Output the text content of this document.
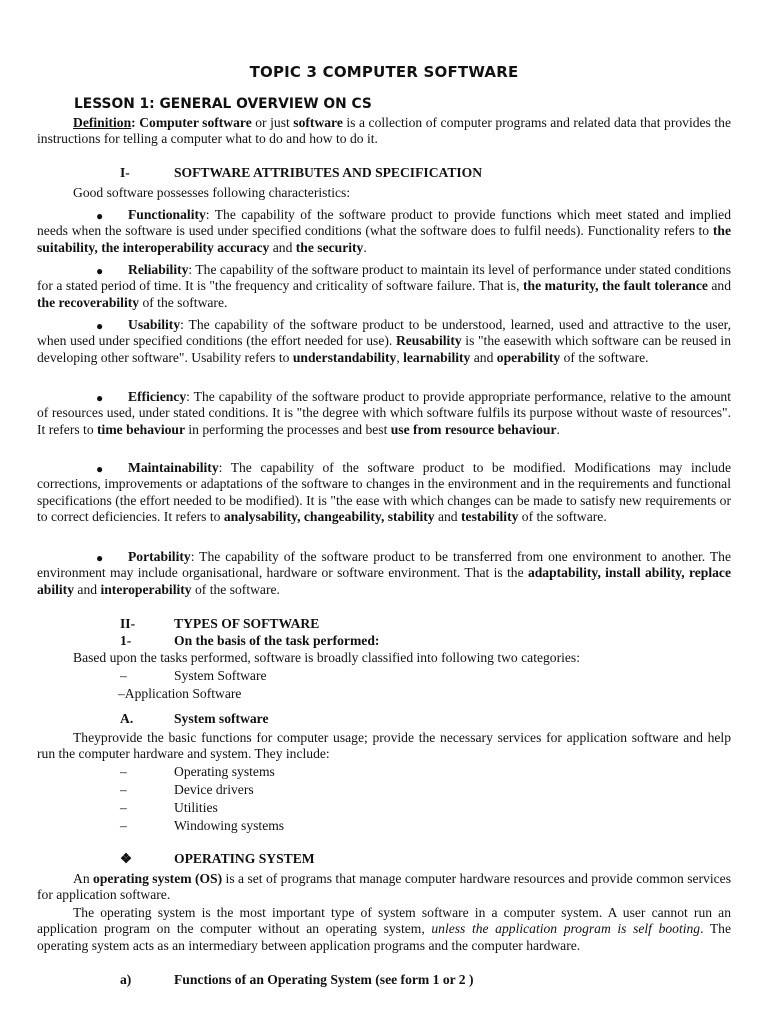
TOPIC 3 COMPUTER SOFTWARE
LESSON 1: GENERAL OVERVIEW ON CS

Definition: Computer software or just software is a collection of computer programs and related data that provides the instructions for telling a computer what to do and how to do it.

I-	SOFTWARE ATTRIBUTES AND SPECIFICATION

Good software possesses following characteristics:

●	Functionality: The capability of the software product to provide functions which meet stated and implied needs when the software is used under specified conditions (what the software does to fulfil needs). Functionality refers to the suitability, the interoperability accuracy and the security.

●	Reliability: The capability of the software product to maintain its level of performance under stated conditions for a stated period of time. It is "the frequency and criticality of software failure. That is, the maturity, the fault tolerance and the recoverability of the software.

●	Usability: The capability of the software product to be understood, learned, used and attractive to the user, when used under specified conditions (the effort needed for use). Reusability is "the easewith which software can be reused in developing other software". Usability refers to understandability, learnability and operability of the software.

●	Efficiency: The capability of the software product to provide appropriate performance, relative to the amount of resources used, under stated conditions. It is "the degree with which software fulfils its purpose without waste of resources". It refers to time behaviour in performing the processes and best use from resource behaviour.

●	Maintainability: The capability of the software product to be modified. Modifications may include corrections, improvements or adaptations of the software to changes in the environment and in the requirements and functional specifications (the effort needed to be modified). It is "the ease with which changes can be made to satisfy new requirements or to correct deficiencies. It refers to analysability, changeability, stability and testability of the software.

●	Portability: The capability of the software product to be transferred from one environment to another. The environment may include organisational, hardware or software environment. That is the adaptability, install ability, replace ability and interoperability of the software.

II-	TYPES OF SOFTWARE
1-	On the basis of the task performed:

Based upon the tasks performed, software is broadly classified into following two categories:

–	System Software
–Application Software
A.	System software

Theyprovide the basic functions for computer usage; provide the necessary services for application software and help run the computer hardware and system. They include:

–	Operating systems
–	Device drivers
–	Utilities
–	Windowing systems
❖	OPERATING SYSTEM

An operating system (OS) is a set of programs that manage computer hardware resources and provide common services for application software.

The operating system is the most important type of system software in a computer system. A user cannot run an application program on the computer without an operating system, unless the application program is self booting. The operating system acts as an intermediary between application programs and the computer hardware.

a)	Functions of an Operating System (see form 1 or 2 )
